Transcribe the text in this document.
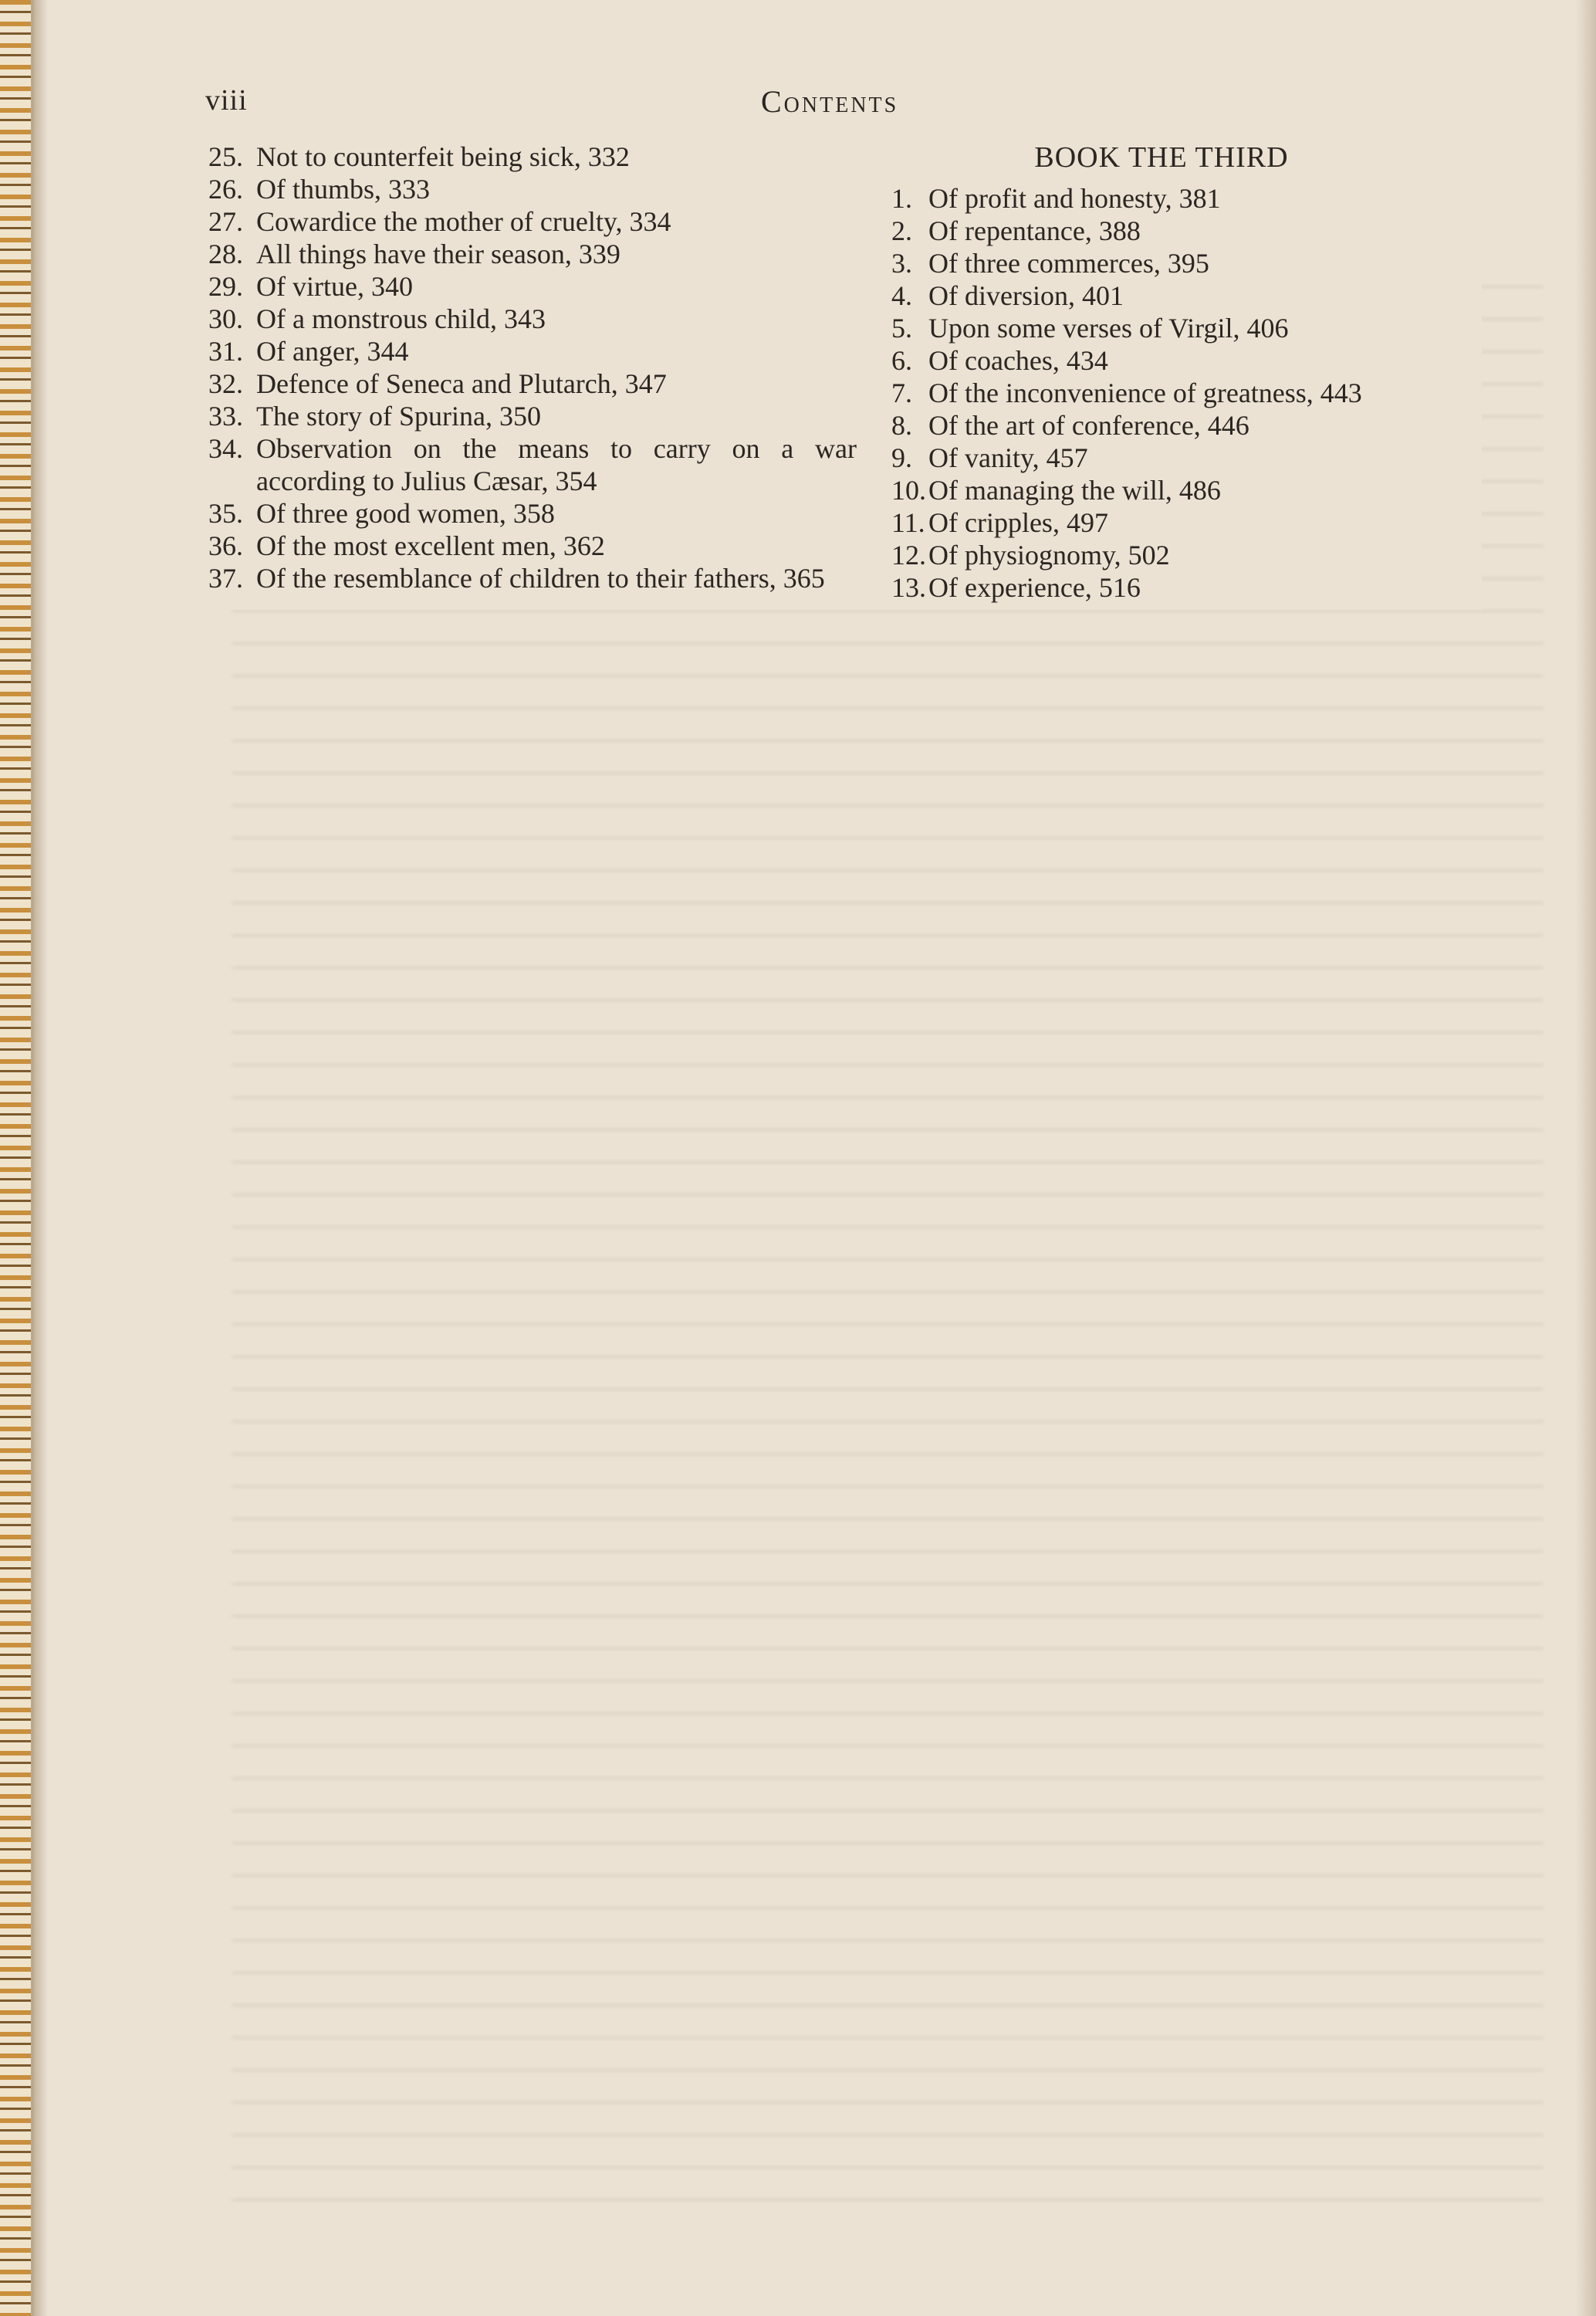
viii	Contents
25. Not to counterfeit being sick, 332
26. Of thumbs, 333
27. Cowardice the mother of cruelty, 334
28. All things have their season, 339
29. Of virtue, 340
30. Of a monstrous child, 343
31. Of anger, 344
32. Defence of Seneca and Plutarch, 347
33. The story of Spurina, 350
34. Observation on the means to carry on a war according to Julius Cæsar, 354
35. Of three good women, 358
36. Of the most excellent men, 362
37. Of the resemblance of children to their fathers, 365
BOOK THE THIRD
1. Of profit and honesty, 381
2. Of repentance, 388
3. Of three commerces, 395
4. Of diversion, 401
5. Upon some verses of Virgil, 406
6. Of coaches, 434
7. Of the inconvenience of greatness, 443
8. Of the art of conference, 446
9. Of vanity, 457
10. Of managing the will, 486
11. Of cripples, 497
12. Of physiognomy, 502
13. Of experience, 516
